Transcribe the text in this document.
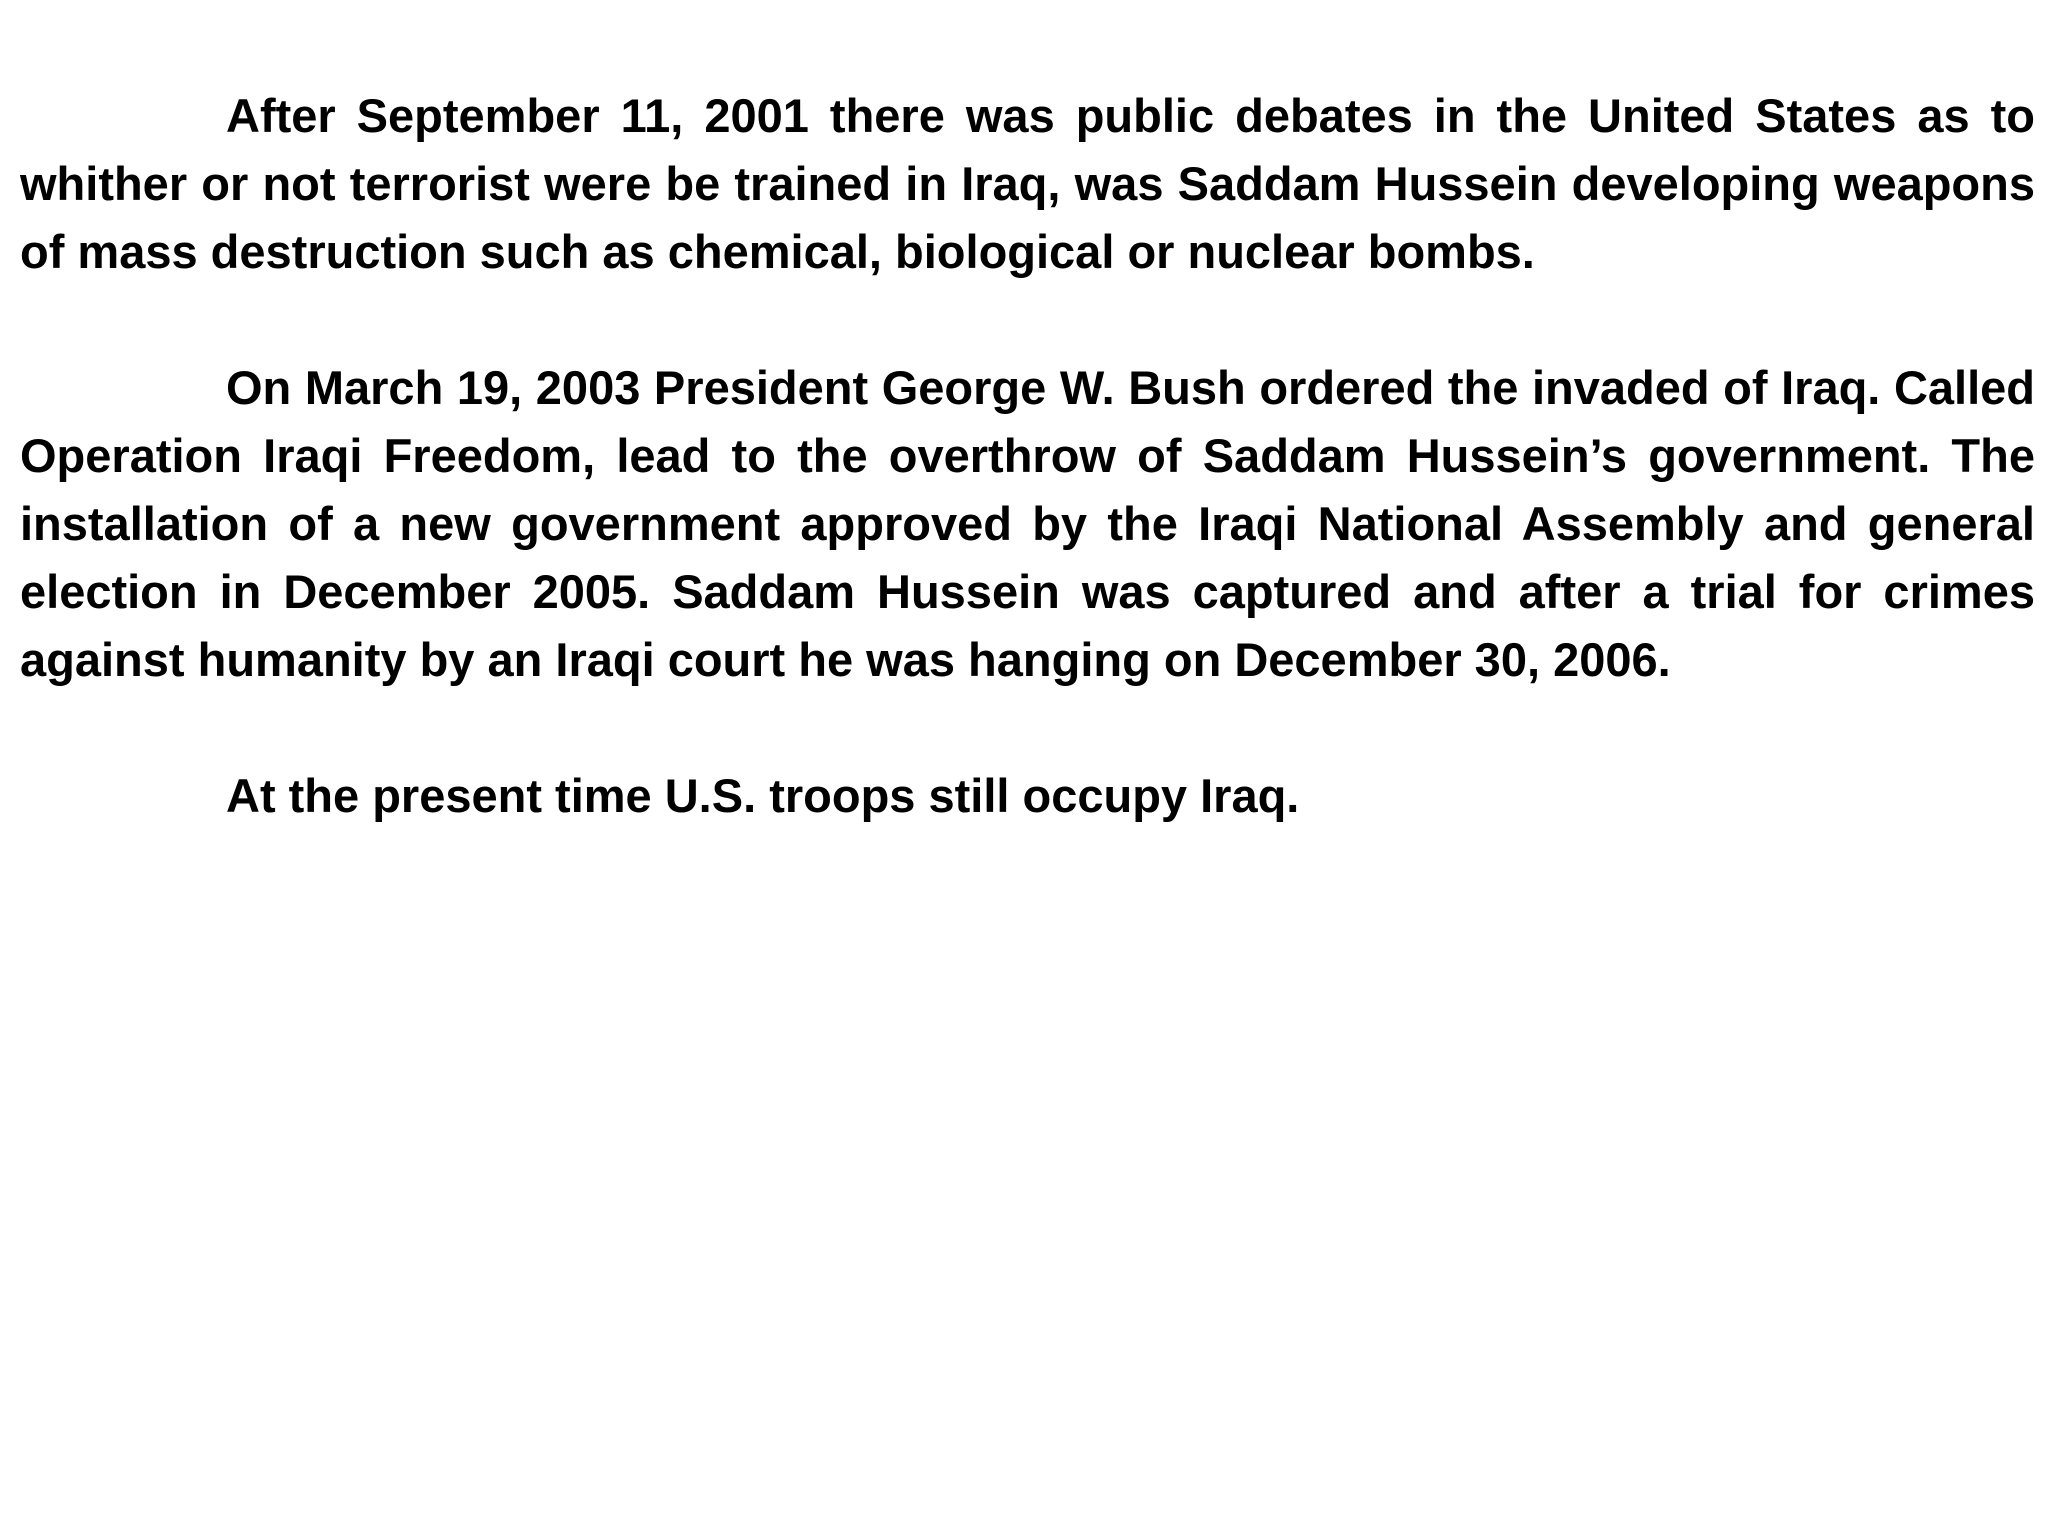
After September 11, 2001 there was public debates in the United States as to whither or not terrorist were be trained in Iraq, was Saddam Hussein developing weapons of mass destruction such as chemical, biological or nuclear bombs.

On March 19, 2003 President George W. Bush ordered the invaded of Iraq. Called Operation Iraqi Freedom, lead to the overthrow of Saddam Hussein’s government. The installation of a new government approved by the Iraqi National Assembly and general election in December 2005. Saddam Hussein was captured and after a trial for crimes against humanity by an Iraqi court he was hanging on December 30, 2006.

At the present time U.S. troops still occupy Iraq.
